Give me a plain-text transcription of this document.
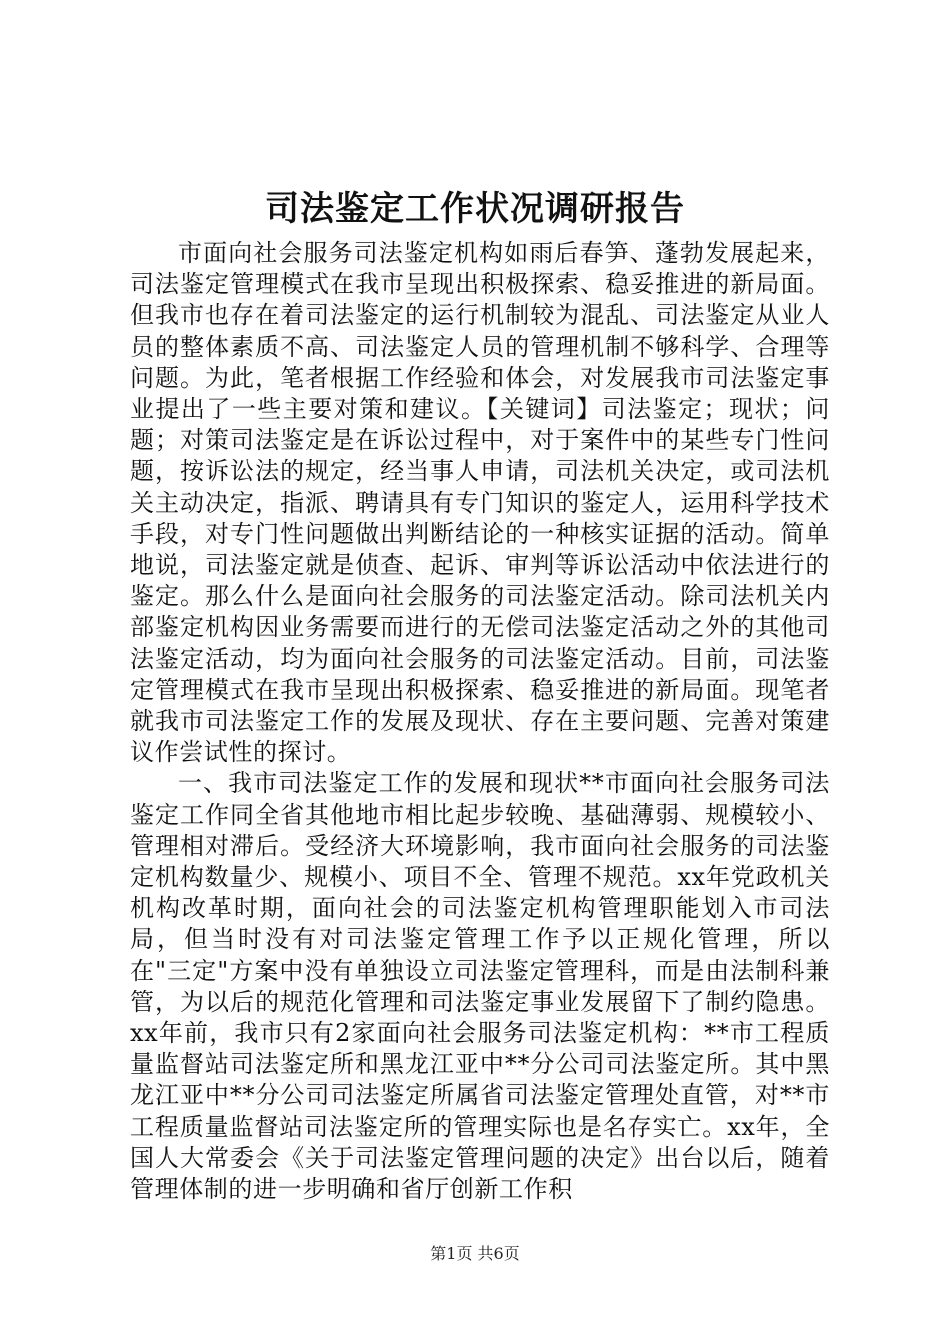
司法鉴定工作状况调研报告

市面向社会服务司法鉴定机构如雨后春笋、蓬勃发展起来，司法鉴定管理模式在我市呈现出积极探索、稳妥推进的新局面。但我市也存在着司法鉴定的运行机制较为混乱、司法鉴定从业人员的整体素质不高、司法鉴定人员的管理机制不够科学、合理等问题。为此，笔者根据工作经验和体会，对发展我市司法鉴定事业提出了一些主要对策和建议。【关键词】司法鉴定；现状；问题；对策司法鉴定是在诉讼过程中，对于案件中的某些专门性问题，按诉讼法的规定，经当事人申请，司法机关决定，或司法机关主动决定，指派、聘请具有专门知识的鉴定人，运用科学技术手段，对专门性问题做出判断结论的一种核实证据的活动。简单地说，司法鉴定就是侦查、起诉、审判等诉讼活动中依法进行的鉴定。那么什么是面向社会服务的司法鉴定活动。除司法机关内部鉴定机构因业务需要而进行的无偿司法鉴定活动之外的其他司法鉴定活动，均为面向社会服务的司法鉴定活动。目前，司法鉴定管理模式在我市呈现出积极探索、稳妥推进的新局面。现笔者就我市司法鉴定工作的发展及现状、存在主要问题、完善对策建议作尝试性的探讨。

一、我市司法鉴定工作的发展和现状**市面向社会服务司法鉴定工作同全省其他地市相比起步较晚、基础薄弱、规模较小、管理相对滞后。受经济大环境影响，我市面向社会服务的司法鉴定机构数量少、规模小、项目不全、管理不规范。xx年党政机关机构改革时期，面向社会的司法鉴定机构管理职能划入市司法局，但当时没有对司法鉴定管理工作予以正规化管理，所以在"三定"方案中没有单独设立司法鉴定管理科，而是由法制科兼管，为以后的规范化管理和司法鉴定事业发展留下了制约隐患。xx年前，我市只有2家面向社会服务司法鉴定机构：**市工程质量监督站司法鉴定所和黑龙江亚中**分公司司法鉴定所。其中黑龙江亚中**分公司司法鉴定所属省司法鉴定管理处直管，对**市工程质量监督站司法鉴定所的管理实际也是名存实亡。xx年，全国人大常委会《关于司法鉴定管理问题的决定》出台以后，随着管理体制的进一步明确和省厅创新工作积

第1页 共6页
